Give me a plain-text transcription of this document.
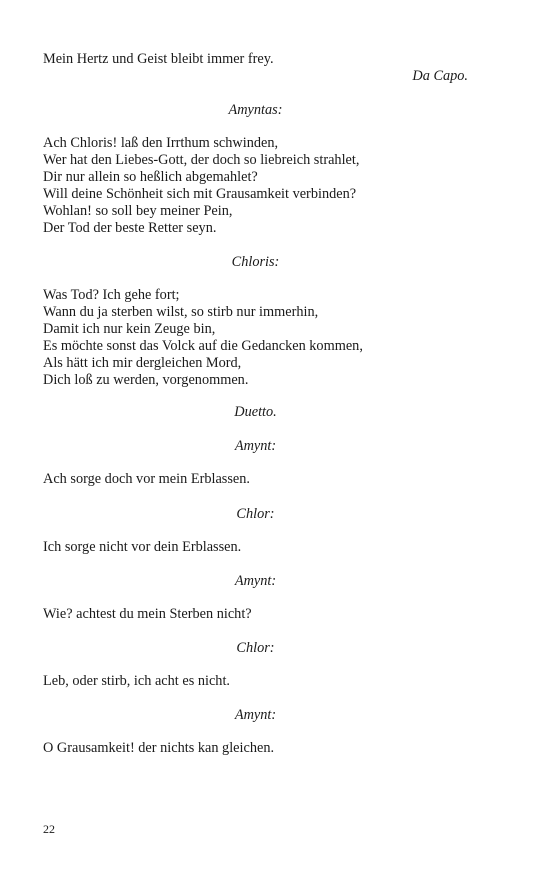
Mein Hertz und Geist bleibt immer frey.
Da Capo.
Amyntas:
Ach Chloris! laß den Irrthum schwinden,
Wer hat den Liebes-Gott, der doch so liebreich strahlet,
Dir nur allein so heßlich abgemahlet?
Will deine Schönheit sich mit Grausamkeit verbinden?
Wohlan! so soll bey meiner Pein,
Der Tod der beste Retter seyn.
Chloris:
Was Tod? Ich gehe fort;
Wann du ja sterben wilst, so stirb nur immerhin,
Damit ich nur kein Zeuge bin,
Es möchte sonst das Volck auf die Gedancken kommen,
Als hätt ich mir dergleichen Mord,
Dich loß zu werden, vorgenommen.
Duetto.
Amynt:
Ach sorge doch vor mein Erblassen.
Chlor:
Ich sorge nicht vor dein Erblassen.
Amynt:
Wie? achtest du mein Sterben nicht?
Chlor:
Leb, oder stirb, ich acht es nicht.
Amynt:
O Grausamkeit! der nichts kan gleichen.
22
